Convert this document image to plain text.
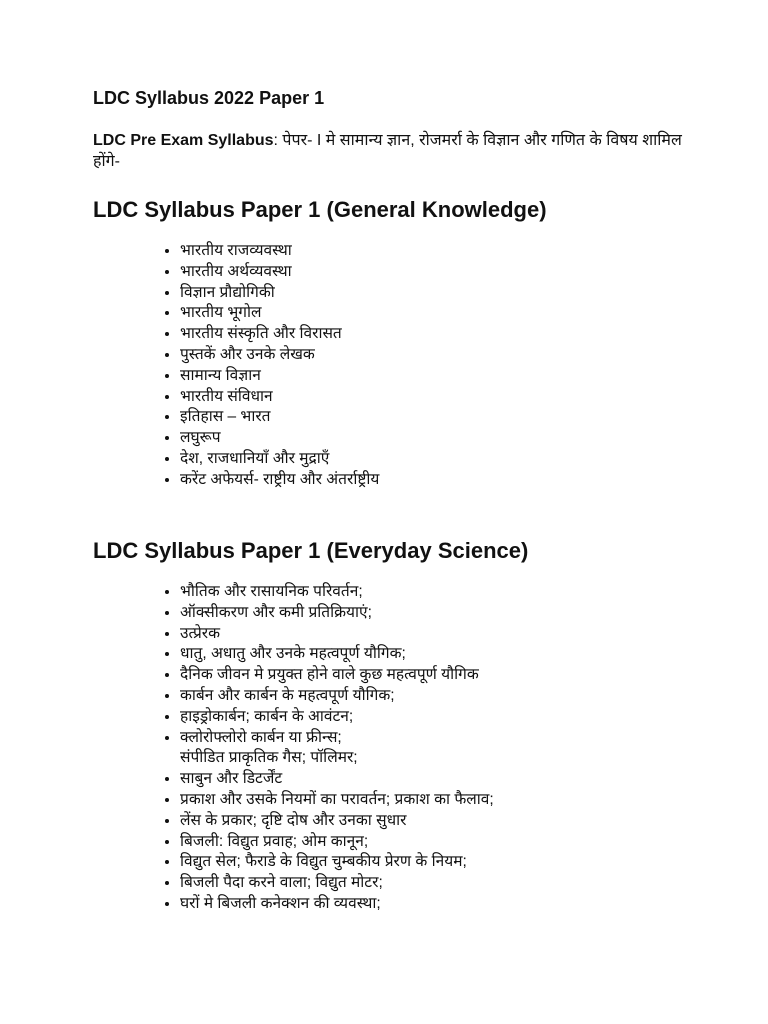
LDC Syllabus 2022 Paper 1

LDC Pre Exam Syllabus: पेपर- I मे सामान्य ज्ञान, रोजमर्रा के विज्ञान और गणित के विषय शामिल होंगे-

LDC Syllabus Paper 1 (General Knowledge)
• भारतीय राजव्यवस्था
• भारतीय अर्थव्यवस्था
• विज्ञान प्रौद्योगिकी
• भारतीय भूगोल
• भारतीय संस्कृति और विरासत
• पुस्तकें और उनके लेखक
• सामान्य विज्ञान
• भारतीय संविधान
• इतिहास – भारत
• लघुरूप
• देश, राजधानियाँ और मुद्राएँ
• करेंट अफेयर्स- राष्ट्रीय और अंतर्राष्ट्रीय
LDC Syllabus Paper 1 (Everyday Science)
• भौतिक और रासायनिक परिवर्तन;
• ऑक्सीकरण और कमी प्रतिक्रियाएं;
• उत्प्रेरक
• धातु, अधातु और उनके महत्वपूर्ण यौगिक;
• दैनिक जीवन मे प्रयुक्त होने वाले कुछ महत्वपूर्ण यौगिक
• कार्बन और कार्बन के महत्वपूर्ण यौगिक;
• हाइड्रोकार्बन; कार्बन के आवंटन;
• क्लोरोफ्लोरो कार्बन या फ्रीन्स;
संपीडित प्राकृतिक गैस; पॉलिमर;
• साबुन और डिटर्जेंट
• प्रकाश और उसके नियमों का परावर्तन; प्रकाश का फैलाव;
• लेंस के प्रकार; दृष्टि दोष और उनका सुधार
• बिजली: विद्युत प्रवाह; ओम कानून;
• विद्युत सेल; फैराडे के विद्युत चुम्बकीय प्रेरण के नियम;
• बिजली पैदा करने वाला; विद्युत मोटर;
• घरों मे बिजली कनेक्शन की व्यवस्था;
